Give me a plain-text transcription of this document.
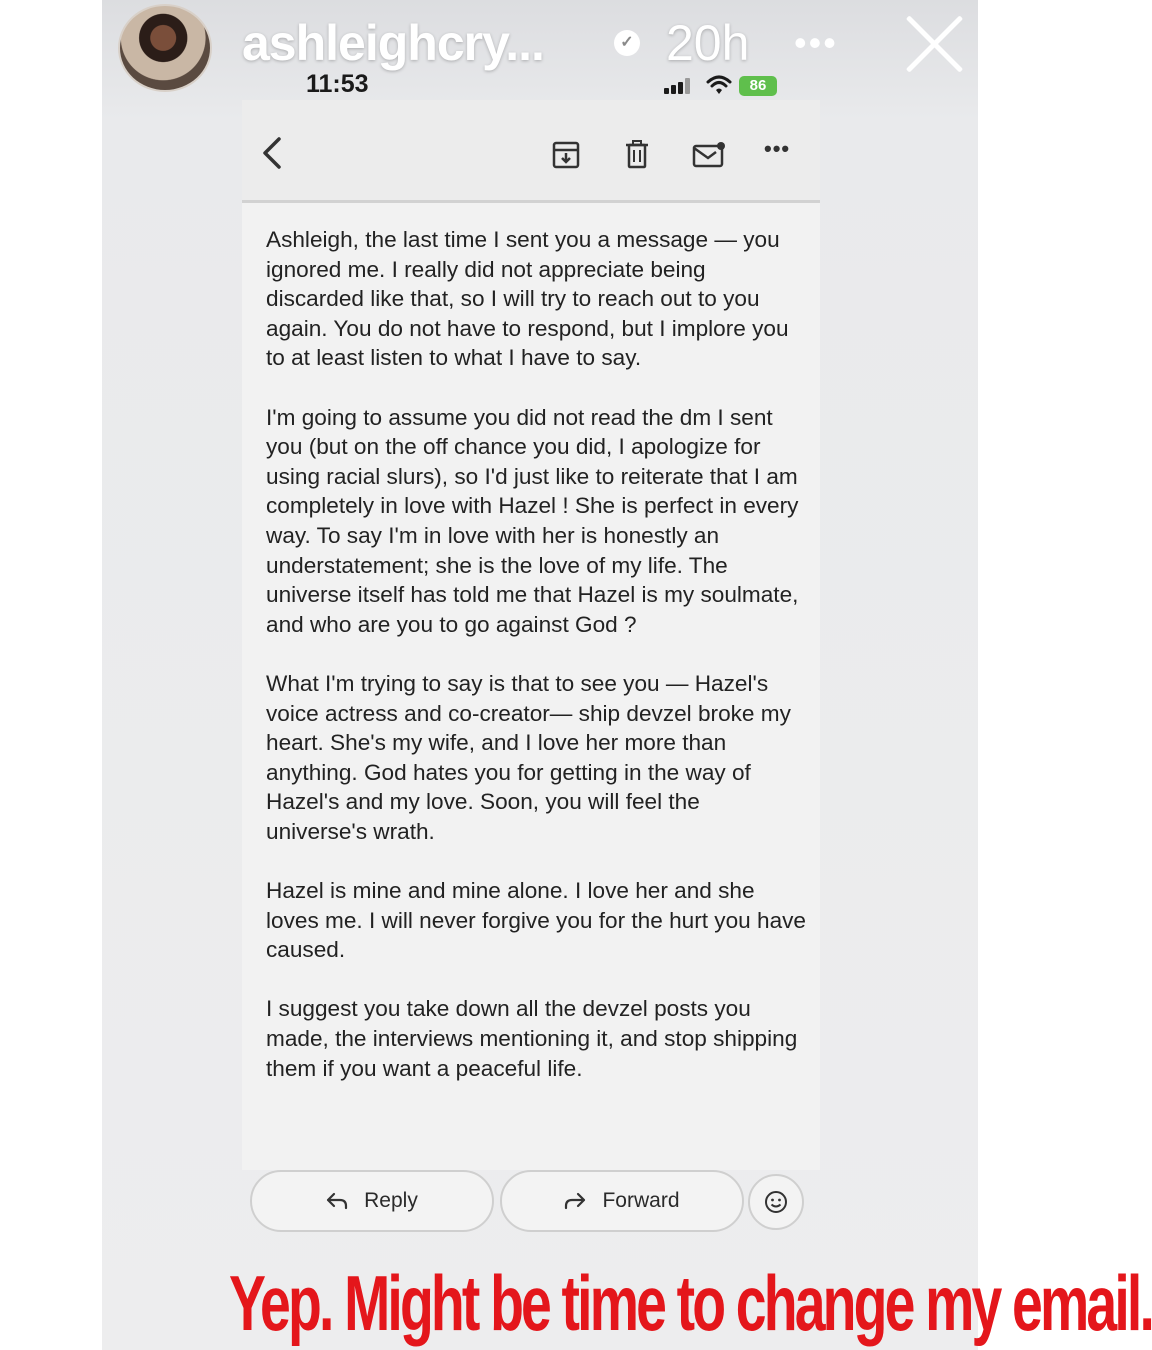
ashleighcry...	✓ 20h •••
11:53	86
•••

Ashleigh, the last time I sent you a message — you ignored me. I really did not appreciate being discarded like that, so I will try to reach out to you again. You do not have to respond, but I implore you to at least listen to what I have to say.

I'm going to assume you did not read the dm I sent you (but on the off chance you did, I apologize for using racial slurs), so I'd just like to reiterate that I am completely in love with Hazel ! She is perfect in every way. To say I'm in love with her is honestly an understatement; she is the love of my life. The universe itself has told me that Hazel is my soulmate, and who are you to go against God ?

What I'm trying to say is that to see you — Hazel's voice actress and co-creator— ship devzel broke my heart. She's my wife, and I love her more than anything. God hates you for getting in the way of Hazel's and my love. Soon, you will feel the universe's wrath.

Hazel is mine and mine alone. I love her and she loves me. I will never forgive you for the hurt you have caused.

I suggest you take down all the devzel posts you made, the interviews mentioning it, and stop shipping them if you want a peaceful life.

Reply	Forward
Yep. Might be time to change my email.
